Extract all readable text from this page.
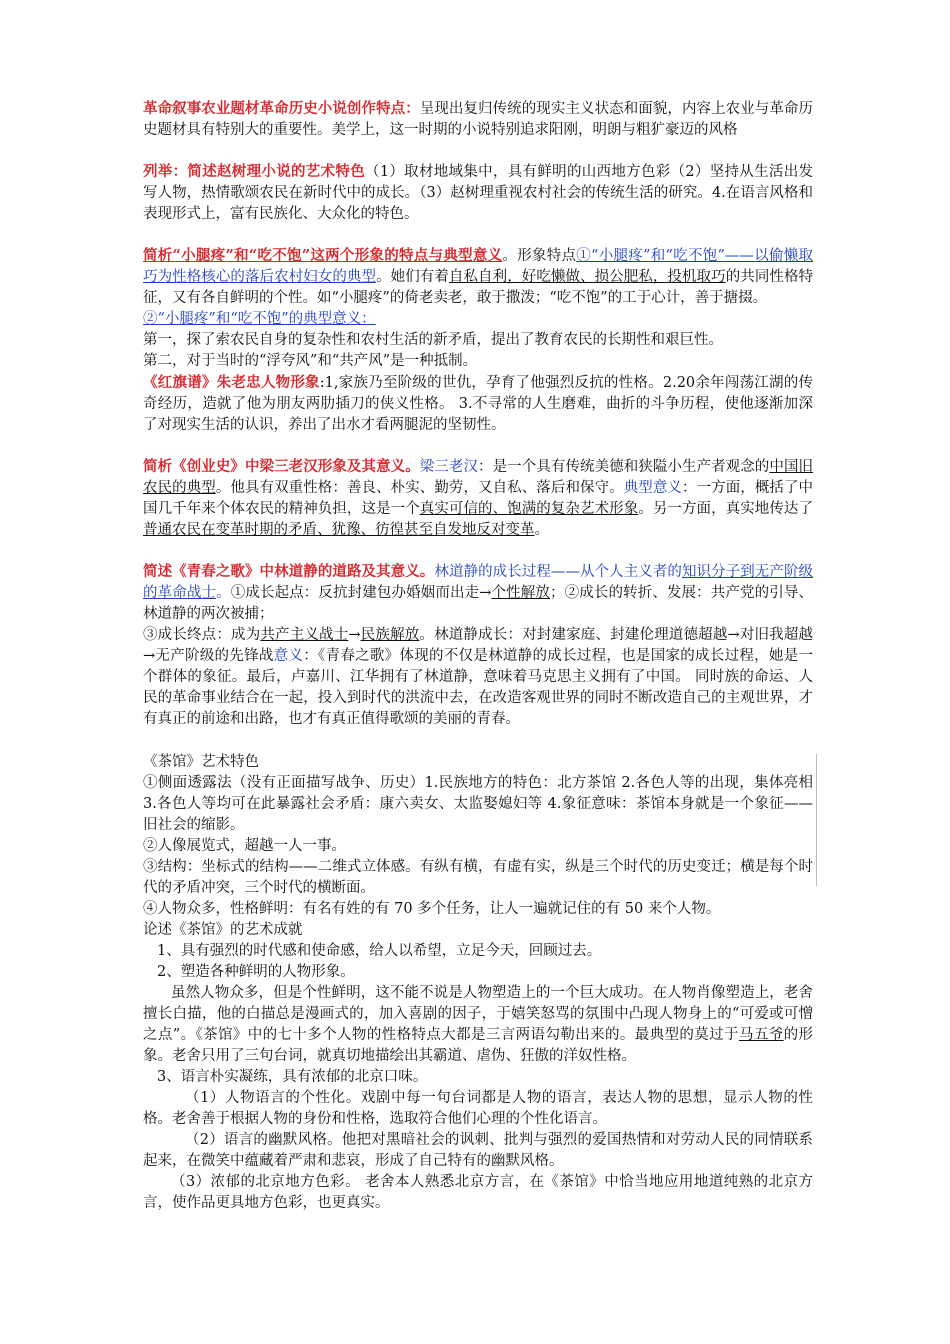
革命叙事农业题材革命历史小说创作特点：呈现出复归传统的现实主义状态和面貌，内容上农业与革命历史题材具有特别大的重要性。美学上，这一时期的小说特别追求阳刚，明朗与粗犷豪迈的风格

列举：简述赵树理小说的艺术特色（1）取材地域集中，具有鲜明的山西地方色彩（2）坚持从生活出发写人物，热情歌颂农民在新时代中的成长。（3）赵树理重视农村社会的传统生活的研究。4.在语言风格和表现形式上，富有民族化、大众化的特色。

简析“小腿疼”和“吃不饱”这两个形象的特点与典型意义。形象特点①“小腿疼”和“吃不饱”——以偷懒取巧为性格核心的落后农村妇女的典型。她们有着自私自利，好吃懒做、损公肥私，投机取巧的共同性格特征，又有各自鲜明的个性。如“小腿疼”的倚老卖老，敢于撒泼；“吃不饱”的工于心计，善于搪掇。

②“小腿疼”和“吃不饱”的典型意义：

第一，探了索农民自身的复杂性和农村生活的新矛盾，提出了教育农民的长期性和艰巨性。

第二，对于当时的“浮夸风”和“共产风”是一种抵制。

《红旗谱》朱老忠人物形象:1,家族乃至阶级的世仇，孕育了他强烈反抗的性格。2.20余年闯荡江湖的传奇经历，造就了他为朋友两肋插刀的侠义性格。 3.不寻常的人生磨难，曲折的斗争历程，使他逐渐加深了对现实生活的认识，养出了出水才看两腿泥的坚韧性。

简析《创业史》中梁三老汉形象及其意义。梁三老汉：是一个具有传统美德和狭隘小生产者观念的中国旧农民的典型。他具有双重性格：善良、朴实、勤劳，又自私、落后和保守。典型意义：一方面，概括了中国几千年来个体农民的精神负担，这是一个真实可信的、饱满的复杂艺术形象。另一方面，真实地传达了普通农民在变革时期的矛盾、犹豫、彷徨甚至自发地反对变革。

简述《青春之歌》中林道静的道路及其意义。林道静的成长过程——从个人主义者的知识分子到无产阶级的革命战士。①成长起点：反抗封建包办婚姻而出走→个性解放；②成长的转折、发展：共产党的引导、林道静的两次被捕；

③成长终点：成为共产主义战士→民族解放。林道静成长：对封建家庭、封建伦理道德超越→对旧我超越→无产阶级的先锋战意义：《青春之歌》体现的不仅是林道静的成长过程，也是国家的成长过程，她是一个群体的象征。最后，卢嘉川、江华拥有了林道静，意味着马克思主义拥有了中国。 同时族的命运、人民的革命事业结合在一起，投入到时代的洪流中去，在改造客观世界的同时不断改造自己的主观世界，才有真正的前途和出路，也才有真正值得歌颂的美丽的青春。

《茶馆》艺术特色

①侧面透露法（没有正面描写战争、历史）1.民族地方的特色：北方茶馆 2.各色人等的出现，集体亮相 3.各色人等均可在此暴露社会矛盾：康六卖女、太监娶媳妇等 4.象征意味：茶馆本身就是一个象征——旧社会的缩影。

②人像展览式，超越一人一事。

③结构：坐标式的结构——二维式立体感。有纵有横，有虚有实，纵是三个时代的历史变迁；横是每个时代的矛盾冲突，三个时代的横断面。

④人物众多，性格鲜明：有名有姓的有 70 多个任务，让人一遍就记住的有 50 来个人物。

论述《茶馆》的艺术成就

1、具有强烈的时代感和使命感，给人以希望，立足今天，回顾过去。

2、塑造各种鲜明的人物形象。

虽然人物众多，但是个性鲜明，这不能不说是人物塑造上的一个巨大成功。在人物肖像塑造上，老舍擅长白描，他的白描总是漫画式的，加入喜剧的因子，于嬉笑怒骂的氛围中凸现人物身上的“可爱或可憎之点”。《茶馆》中的七十多个人物的性格特点大都是三言两语勾勒出来的。最典型的莫过于马五爷的形象。老舍只用了三句台词，就真切地描绘出其霸道、虐伪、狂傲的洋奴性格。

3、语言朴实凝练，具有浓郁的北京口味。

（1）人物语言的个性化。戏剧中每一句台词都是人物的语言，表达人物的思想，显示人物的性格。老舍善于根据人物的身份和性格，选取符合他们心理的个性化语言。

（2）语言的幽默风格。他把对黑暗社会的讽刺、批判与强烈的爱国热情和对劳动人民的同情联系起来，在微笑中蕴藏着严肃和悲哀，形成了自己特有的幽默风格。

（3）浓郁的北京地方色彩。 老舍本人熟悉北京方言，在《茶馆》中恰当地应用地道纯熟的北京方言，使作品更具地方色彩，也更真实。
